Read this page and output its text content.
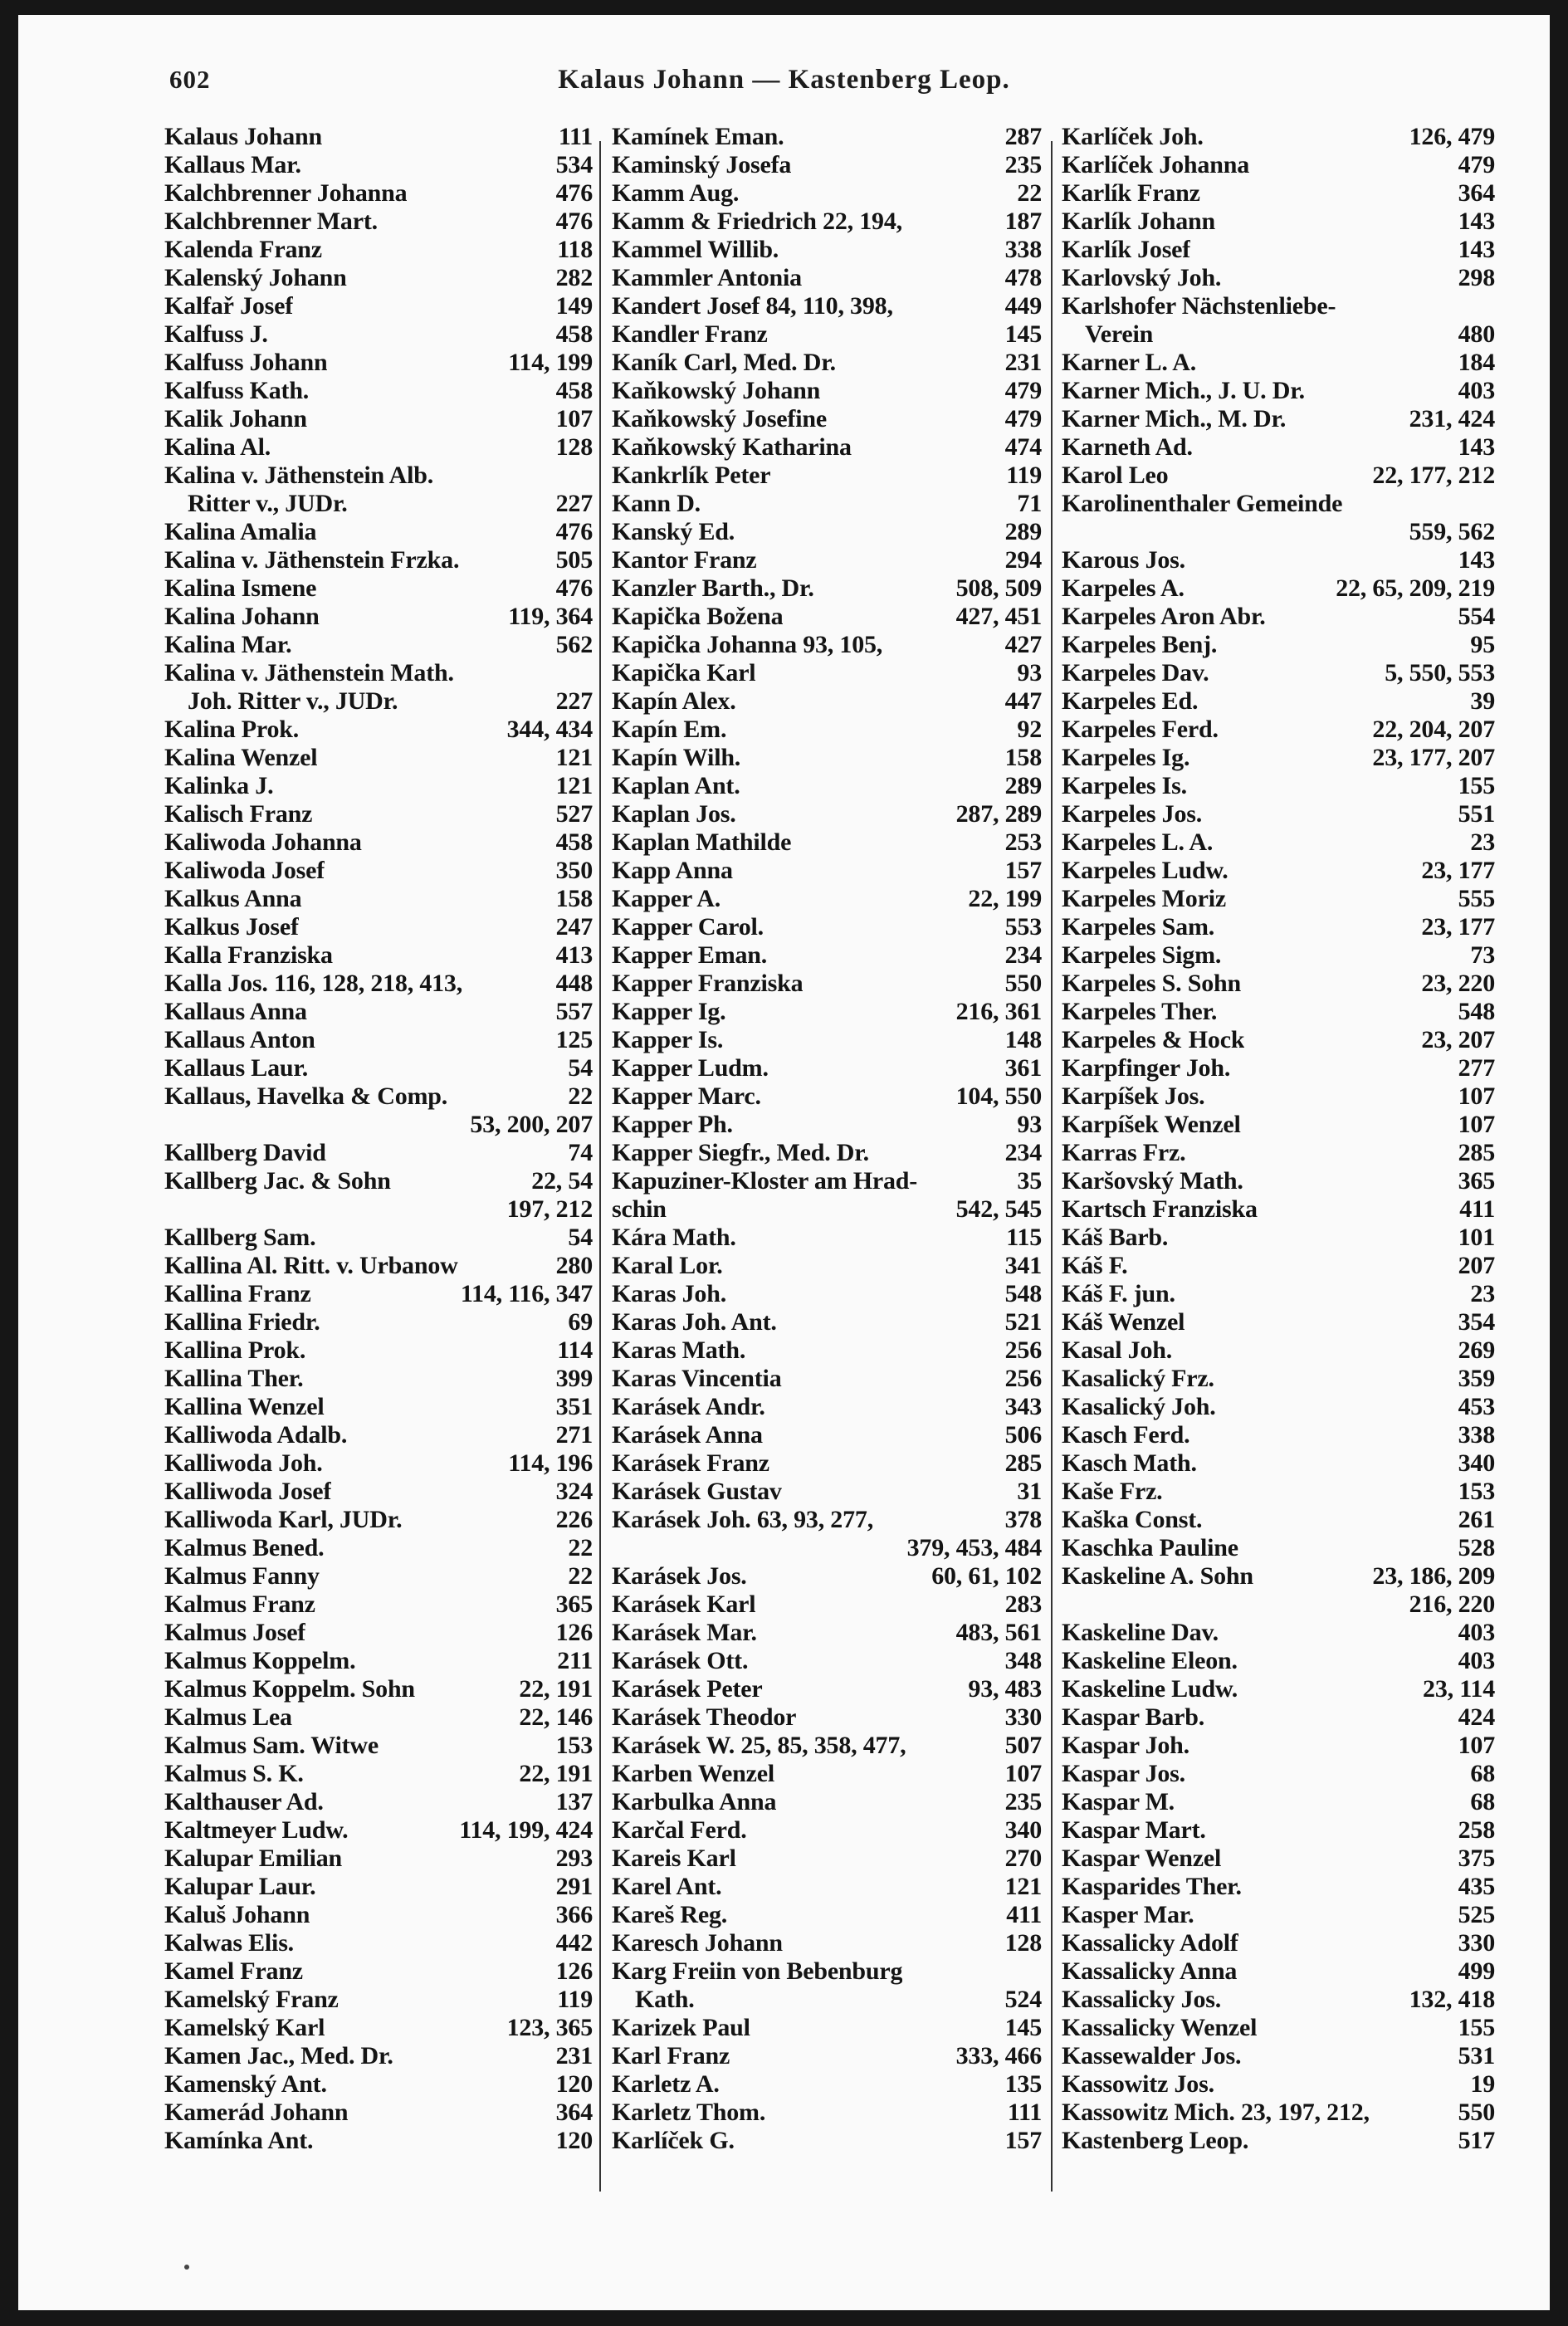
602	Kalaus Johann — Kastenberg Leop.
Kalaus Johann	111
Kallaus Mar.	534
Kalchbrenner Johanna	476
Kalchbrenner Mart.	476
Kalenda Franz	118
Kalenský Johann	282
Kalfař Josef	149
Kalfuss J.	458
Kalfuss Johann	114, 199
Kalfuss Kath.	458
Kalik Johann	107
Kalina Al.	128
Kalina v. Jäthenstein Alb.
Ritter v., JUDr.	227
Kalina Amalia	476
Kalina v. Jäthenstein Frzka.	505
Kalina Ismene	476
Kalina Johann	119, 364
Kalina Mar.	562
Kalina v. Jäthenstein Math.
Joh. Ritter v., JUDr.	227
Kalina Prok.	344, 434
Kalina Wenzel	121
Kalinka J.	121
Kalisch Franz	527
Kaliwoda Johanna	458
Kaliwoda Josef	350
Kalkus Anna	158
Kalkus Josef	247
Kalla Franziska	413
Kalla Jos. 116, 128, 218, 413,	448
Kallaus Anna	557
Kallaus Anton	125
Kallaus Laur.	54
Kallaus, Havelka & Comp.	22
53, 200, 207
Kallberg David	74
Kallberg Jac. & Sohn	22, 54
197, 212
Kallberg Sam.	54
Kallina Al. Ritt. v. Urbanow	280
Kallina Franz	114, 116, 347
Kallina Friedr.	69
Kallina Prok.	114
Kallina Ther.	399
Kallina Wenzel	351
Kalliwoda Adalb.	271
Kalliwoda Joh.	114, 196
Kalliwoda Josef	324
Kalliwoda Karl, JUDr.	226
Kalmus Bened.	22
Kalmus Fanny	22
Kalmus Franz	365
Kalmus Josef	126
Kalmus Koppelm.	211
Kalmus Koppelm. Sohn	22, 191
Kalmus Lea	22, 146
Kalmus Sam. Witwe	153
Kalmus S. K.	22, 191
Kalthauser Ad.	137
Kaltmeyer Ludw.	114, 199, 424
Kalupar Emilian	293
Kalupar Laur.	291
Kaluš Johann	366
Kalwas Elis.	442
Kamel Franz	126
Kamelský Franz	119
Kamelský Karl	123, 365
Kamen Jac., Med. Dr.	231
Kamenský Ant.	120
Kamerád Johann	364
Kamínka Ant.	120
Kamínek Eman.	287
Kaminský Josefa	235
Kamm Aug.	22
Kamm & Friedrich 22, 194,	187
Kammel Willib.	338
Kammler Antonia	478
Kandert Josef 84, 110, 398,	449
Kandler Franz	145
Kaník Carl, Med. Dr.	231
Kaňkowský Johann	479
Kaňkowský Josefine	479
Kaňkowský Katharina	474
Kankrlík Peter	119
Kann D.	71
Kanský Ed.	289
Kantor Franz	294
Kanzler Barth., Dr.	508, 509
Kapička Božena	427, 451
Kapička Johanna 93, 105,	427
Kapička Karl	93
Kapín Alex.	447
Kapín Em.	92
Kapín Wilh.	158
Kaplan Ant.	289
Kaplan Jos.	287, 289
Kaplan Mathilde	253
Kapp Anna	157
Kapper A.	22, 199
Kapper Carol.	553
Kapper Eman.	234
Kapper Franziska	550
Kapper Ig.	216, 361
Kapper Is.	148
Kapper Ludm.	361
Kapper Marc.	104, 550
Kapper Ph.	93
Kapper Siegfr., Med. Dr.	234
Kapuziner-Kloster am Hrad-	35
schin	542, 545
Kára Math.	115
Karal Lor.	341
Karas Joh.	548
Karas Joh. Ant.	521
Karas Math.	256
Karas Vincentia	256
Karásek Andr.	343
Karásek Anna	506
Karásek Franz	285
Karásek Gustav	31
Karásek Joh. 63, 93, 277,	378
379, 453, 484
Karásek Jos.	60, 61, 102
Karásek Karl	283
Karásek Mar.	483, 561
Karásek Ott.	348
Karásek Peter	93, 483
Karásek Theodor	330
Karásek W. 25, 85, 358, 477,	507
Karben Wenzel	107
Karbulka Anna	235
Karčal Ferd.	340
Kareis Karl	270
Karel Ant.	121
Kareš Reg.	411
Karesch Johann	128
Karg Freiin von Bebenburg
Kath.	524
Karizek Paul	145
Karl Franz	333, 466
Karletz A.	135
Karletz Thom.	111
Karlíček G.	157
Karlíček Joh.	126, 479
Karlíček Johanna	479
Karlík Franz	364
Karlík Johann	143
Karlík Josef	143
Karlovský Joh.	298
Karlshofer Nächstenliebe-
Verein	480
Karner L. A.	184
Karner Mich., J. U. Dr.	403
Karner Mich., M. Dr.	231, 424
Karneth Ad.	143
Karol Leo	22, 177, 212
Karolinenthaler Gemeinde
559, 562
Karous Jos.	143
Karpeles A.	22, 65, 209, 219
Karpeles Aron Abr.	554
Karpeles Benj.	95
Karpeles Dav.	5, 550, 553
Karpeles Ed.	39
Karpeles Ferd.	22, 204, 207
Karpeles Ig.	23, 177, 207
Karpeles Is.	155
Karpeles Jos.	551
Karpeles L. A.	23
Karpeles Ludw.	23, 177
Karpeles Moriz	555
Karpeles Sam.	23, 177
Karpeles Sigm.	73
Karpeles S. Sohn	23, 220
Karpeles Ther.	548
Karpeles & Hock	23, 207
Karpfinger Joh.	277
Karpíšek Jos.	107
Karpíšek Wenzel	107
Karras Frz.	285
Karšovský Math.	365
Kartsch Franziska	411
Káš Barb.	101
Káš F.	207
Káš F. jun.	23
Káš Wenzel	354
Kasal Joh.	269
Kasalický Frz.	359
Kasalický Joh.	453
Kasch Ferd.	338
Kasch Math.	340
Kaše Frz.	153
Kaška Const.	261
Kaschka Pauline	528
Kaskeline A. Sohn	23, 186, 209
216, 220
Kaskeline Dav.	403
Kaskeline Eleon.	403
Kaskeline Ludw.	23, 114
Kaspar Barb.	424
Kaspar Joh.	107
Kaspar Jos.	68
Kaspar M.	68
Kaspar Mart.	258
Kaspar Wenzel	375
Kasparides Ther.	435
Kasper Mar.	525
Kassalicky Adolf	330
Kassalicky Anna	499
Kassalicky Jos.	132, 418
Kassalicky Wenzel	155
Kassewalder Jos.	531
Kassowitz Jos.	19
Kassowitz Mich. 23, 197, 212,	550
Kastenberg Leop.	517
